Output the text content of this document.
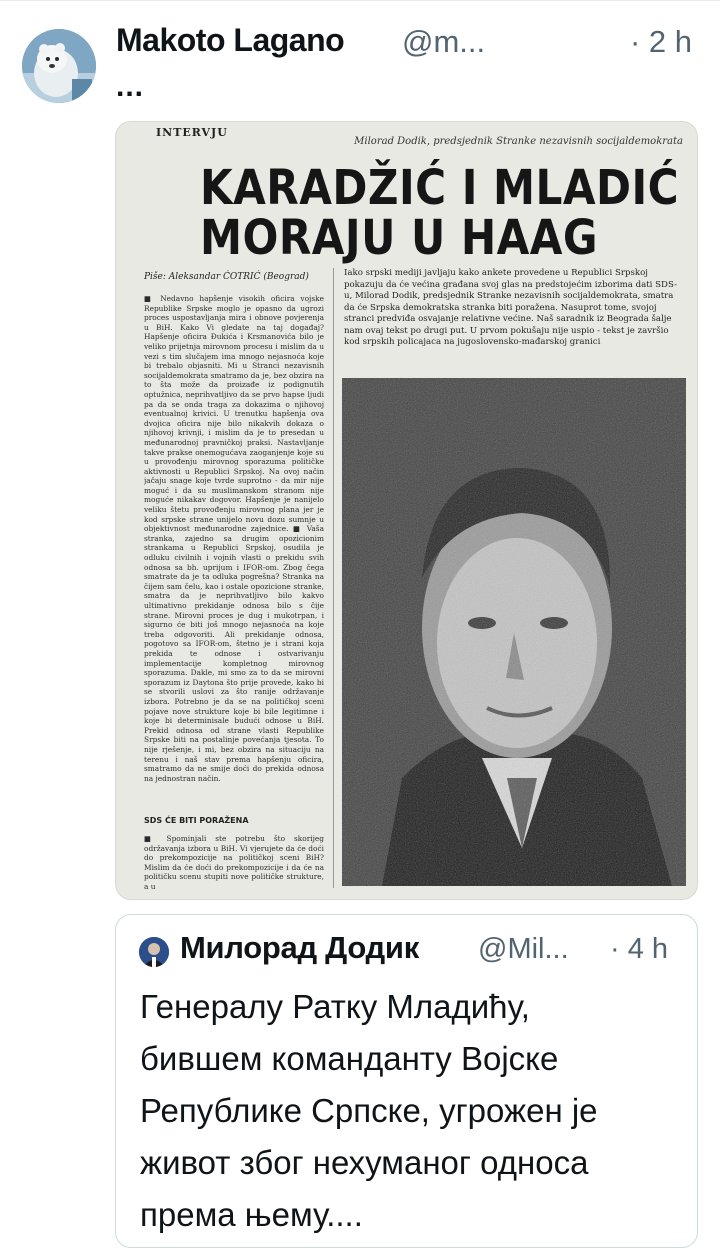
Makoto Lagano @m...	· 2 h
...
INTERVJU
Milorad Dodik, predsjednik Stranke nezavisnih socijaldemokrata
KARADŽIĆ I MLADIĆ
MORAJU U HAAG
Piše: Aleksandar ĆOTRIĆ (Beograd)	Iako srpski mediji javljaju kako ankete provedene u Republici Srpskoj pokazuju da će većina građana svoj glas na predstojećim izborima dati SDS-u, Milorad Dodik, predsjednik Stranke nezavisnih socijaldemokrata, smatra da će Srpska demokratska stranka biti poražena. Nasuprot tome, svojoj stranci predviđa osvajanje relativne većine. Naš saradnik iz Beograda šalje nam ovaj tekst po drugi put. U prvom pokušaju nije uspio - tekst je završio kod srpskih policajaca na jugoslovensko-mađarskoj granici
■ Nedavno hapšenje visokih oficira vojske Republike Srpske moglo je opasno da ugrozi proces uspostavljanja mira i obnove povjerenja u BiH. Kako Vi gledate na taj događaj? Hapšenje oficira Đukića i Krsmanovića bilo je veliko prijetnja mirovnom procesu i mislim da u vezi s tim slučajem ima mnogo nejasnoća koje bi trebalo objasniti. Mi u Stranci nezavisnih socijaldemokrata smatramo da je, bez obzira na to šta može da proizađe iz podignutih optužnica, neprihvatljivo da se prvo hapse ljudi pa da se onda traga za dokazima o njihovoj eventualnoj krivici. U trenutku hapšenja ova dvojica oficira nije bilo nikakvih dokaza o njihovoj krivnji, i mislim da je to presedan u međunarodnoj pravničkoj praksi. Nastavljanje takve prakse onemogućava zaoganjenje koje su u provođenju mirovnog sporazuma političke aktivnosti u Republici Srpskoj. Na ovoj način jačaju snage koje tvrde suprotno - da mir nije moguć i da su muslimanskom stranom nije moguće nikakav dogovor. Hapšenje je nanijelo veliku štetu provođenju mirovnog plana jer je kod srpske strane unijelo novu dozu sumnje u objektivnost međunarodne zajednice. ■ Vaša stranka, zajedno sa drugim opozicionim strankama u Republici Srpskoj, osudila je odluku civilnih i vojnih vlasti o prekidu svih odnosa sa bh. uprijum i IFOR-om. Zbog čega smatrate da je ta odluka pogrešna? Stranka na čijem sam čelu, kao i ostale opozicione stranke, smatra da je neprihvatljivo bilo kakvo ultimativno prekidanje odnosa bilo s čije strane. Mirovni proces je dug i mukotrpan, i sigurno će biti još mnogo nejasnoća na koje treba odgovoriti. Ali prekidanje odnosa, pogotovo sa IFOR-om, štetno je i strani koja prekida te odnose i ostvarivanju implementacije kompletnog mirovnog sporazuma. Dakle, mi smo za to da se mirovni sporazum iz Daytona što prije provede, kako bi se stvorili uslovi za što ranije održavanje izbora. Potrebno je da se na političkoj sceni pojave nove strukture koje bi bile legitimne i koje bi determinisale budući odnose u BiH. Prekid odnosa od strane vlasti Republike Srpske biti na postalinje povećanja tjesota. To nije rješenje, i mi, bez obzira na situaciju na terenu i naš stav prema hapšenju oficira, smatramo da ne smije doći do prekida odnosa na jednostran način.
SDS ĆE BITI PORAŽENA
■ Spominjali ste potrebu što skorijeg održavanja izbora u BiH. Vi vjerujete da će doći do prekompozicije na političkoj sceni BiH? Mislim da će doći do prekompozicije i da će na političku scenu stupiti nove političke strukture, a u
Милорад Додик @Mil... · 4 h
Генералу Ратку Младићу,
бившем команданту Војске
Републике Српске, угрожен је
живот због нехуманог односа
према њему....
